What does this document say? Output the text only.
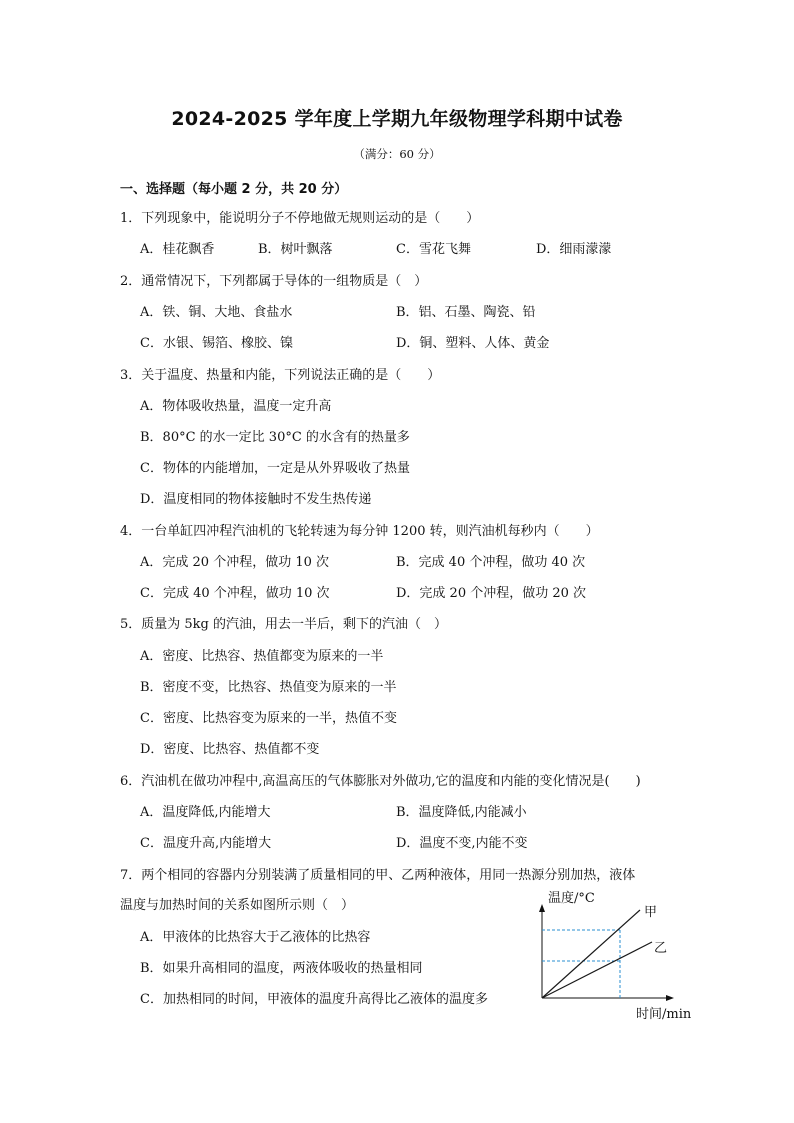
2024-2025 学年度上学期九年级物理学科期中试卷
（满分：60 分）
一、选择题（每小题 2 分，共 20 分）
1．下列现象中，能说明分子不停地做无规则运动的是（　　）
A．桂花飘香	B．树叶飘落	C．雪花飞舞	D．细雨濛濛
2．通常情况下，下列都属于导体的一组物质是（　）
A．铁、铜、大地、食盐水	B．铝、石墨、陶瓷、铅
C．水银、锡箔、橡胶、镍	D．铜、塑料、人体、黄金
3．关于温度、热量和内能，下列说法正确的是（　　）
A．物体吸收热量，温度一定升高
B．80°C 的水一定比 30°C 的水含有的热量多
C．物体的内能增加，一定是从外界吸收了热量
D．温度相同的物体接触时不发生热传递
4．一台单缸四冲程汽油机的飞轮转速为每分钟 1200 转，则汽油机每秒内（　　）
A．完成 20 个冲程，做功 10 次	B．完成 40 个冲程，做功 40 次
C．完成 40 个冲程，做功 10 次	D．完成 20 个冲程，做功 20 次
5．质量为 5kg 的汽油，用去一半后，剩下的汽油（　）
A．密度、比热容、热值都变为原来的一半
B．密度不变，比热容、热值变为原来的一半
C．密度、比热容变为原来的一半，热值不变
D．密度、比热容、热值都不变
6．汽油机在做功冲程中,高温高压的气体膨胀对外做功,它的温度和内能的变化情况是(　　)
A．温度降低,内能增大	B．温度降低,内能减小
C．温度升高,内能增大	D．温度不变,内能不变
7．两个相同的容器内分别装满了质量相同的甲、乙两种液体，用同一热源分别加热，液体
温度与加热时间的关系如图所示则（　）
A．甲液体的比热容大于乙液体的比热容
B．如果升高相同的温度，两液体吸收的热量相同
C．加热相同的时间，甲液体的温度升高得比乙液体的温度多
温度/°C
时间/min
甲
乙
